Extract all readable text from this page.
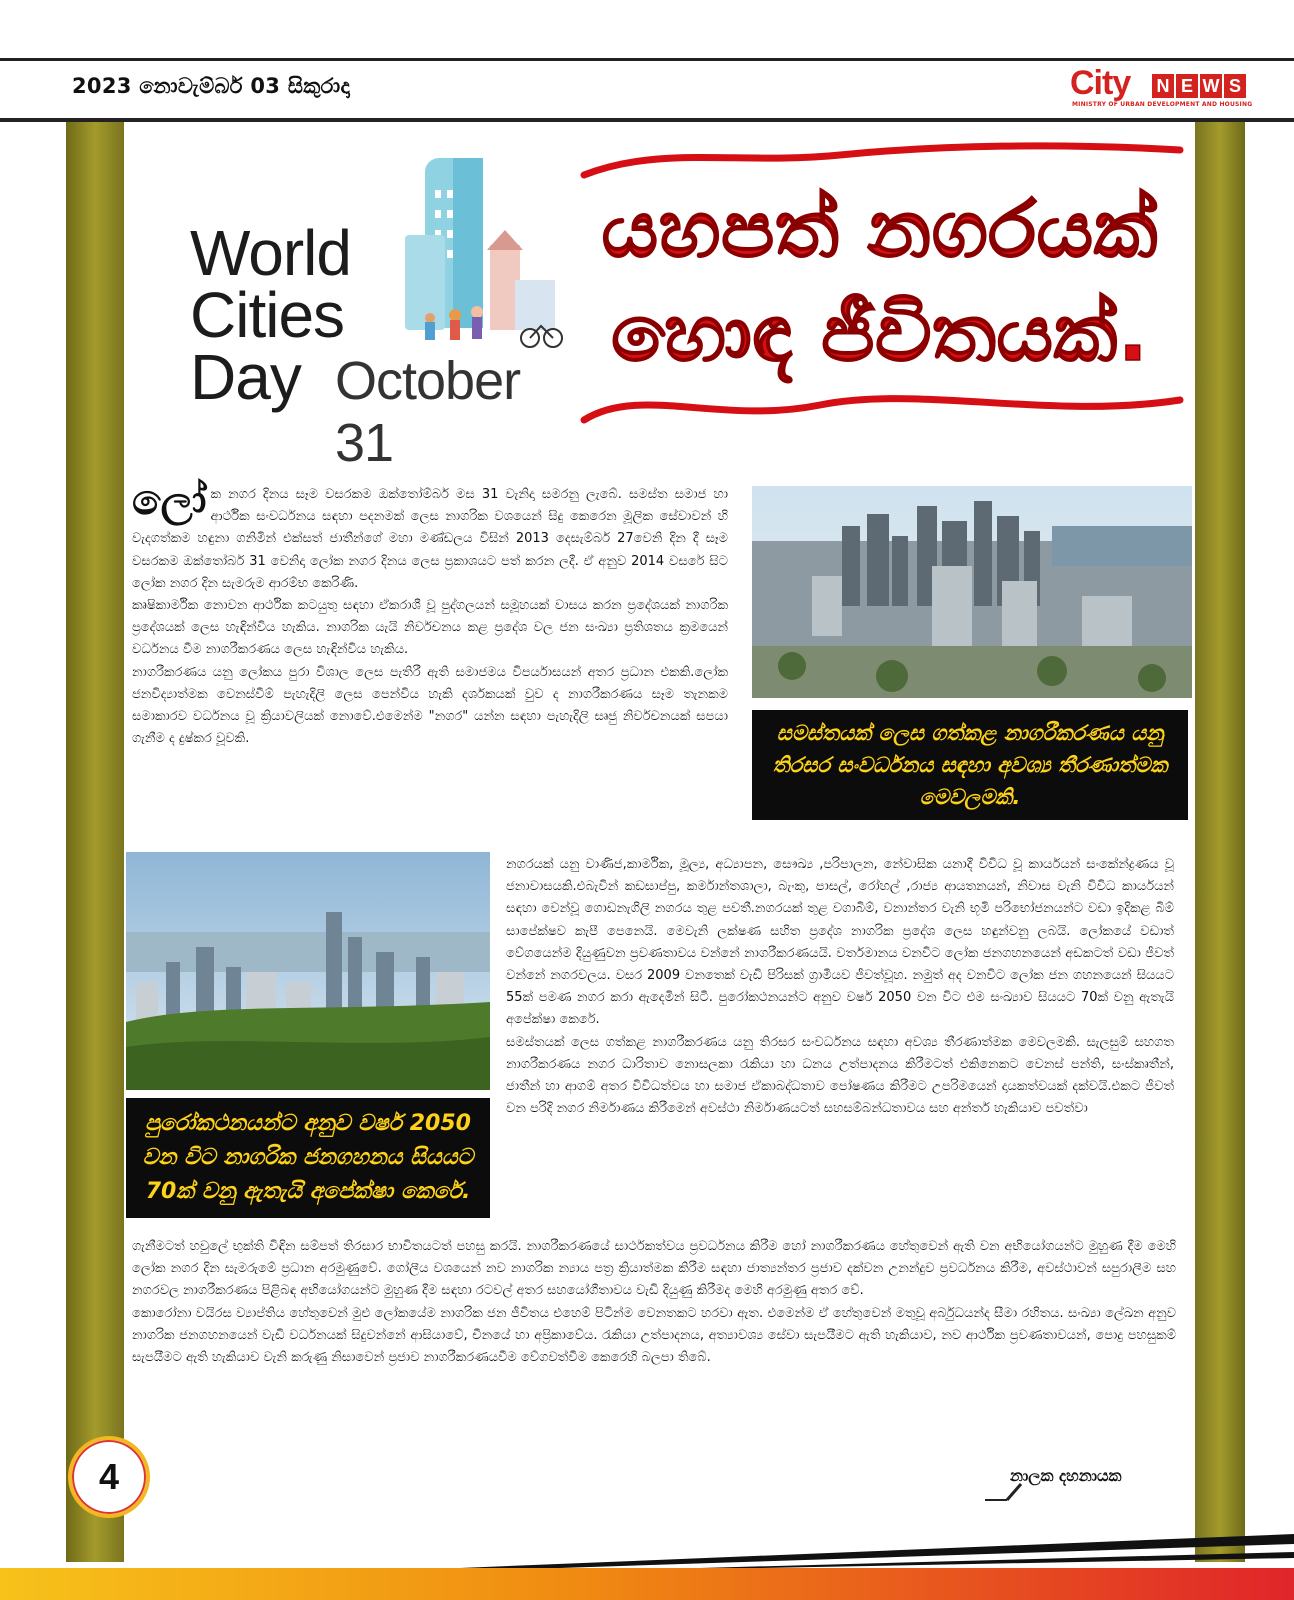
2023 නොවැම්බර් 03 සිකුරාදා	City N E W S
MINISTRY OF URBAN DEVELOPMENT AND HOUSING
World
Cities
Day October 31
යහපත් නගරයක්
හොඳ ජීවිතයක්.

ලෝක නගර දිනය සෑම වසරකම ඔක්තෝම්බර් මස 31 වැනිදා සමරනු ලැබේ. සමස්ත සමාජ හා ආර්ථික සංවර්ධනය සඳහා පදනමක් ලෙස නාගරික වශයෙන් සිදු කෙරෙන මූලික සේවාවන් හි වැදගත්කම හඳුනා ගනිමින් එක්සත් ජාතීන්ගේ මහා මණ්ඩලය විසින් 2013 දෙසැම්බර් 27වෙනි දින දී සෑම වසරකම ඔක්තෝබර් 31 වෙනිදා ලෝක නගර දිනය ලෙස ප්‍රකාශයට පත් කරන ලදී. ඒ අනුව 2014 වසරේ සිට ලෝක නගර දින සැමරුම ආරම්භ කෙරිණි.

කෘෂිකාර්මික නොවන ආර්ථික කටයුතු සඳහා ඒකරාශී වූ පුද්ගලයන් සමූහයක් වාසය කරන ප්‍රදේශයක් නාගරික ප්‍රදේශයක් ලෙස හැඳින්විය හැකිය. නාගරික යැයි නිර්වචනය කළ ප්‍රදේශ වල ජන සංඛ්‍යා ප්‍රතිශතය ක්‍රමයෙන් වර්ධනය වීම නාගරීකරණය ලෙස හැඳින්විය හැකිය.

නාගරීකරණය යනු ලෝකය පුරා විශාල ලෙස පැතිරී ඇති සමාජමය විපර්යාසයන් අතර ප්‍රධාන එකකි.ලෝක ජනවිද්‍යාත්මක වෙනස්වීම් පැහැදිලි ලෙස පෙන්විය හැකි දර්ශකයක් වුව ද නාගරීකරණය සෑම තැනකම සමාකාරව වර්ධනය වූ ක්‍රියාවලියක් නොවේ.එමෙන්ම "නගර" යන්න සඳහා පැහැදිලි සෘජු නිර්වචනයක් සපයා ගැනීම ද දුෂ්කර වූවකි.	සමස්තයක් ලෙස ගත්කළ නාගරීකරණය යනු තිරසර සංවර්ධනය සඳහා අවශ්‍ය තීරණාත්මක මෙවලමකි.
පුරෝකථනයන්ට අනුව වර්ෂ 2050 වන විට නාගරික ජනගහනය සියයට 70ක් වනු ඇතැයි අපේක්ෂා කෙරේ.

නගරයක් යනු වාණිජ,කාර්මික, මූල්‍ය, අධ්‍යාපන, සෞඛ්‍ය ,පරිපාලන, නේවාසික යනාදී විවිධ වූ කාර්යයන් සංකේන්ද්‍රණය වූ ජනාවාසයකි.එබැවින් කඩසාප්පු, කර්මාන්තශාලා, බැංකු, පාසල්, රෝහල් ,රාජ්‍ය ආයතනයන්, නිවාස වැනි විවිධ කාර්යයන් සඳහා වෙන්වූ ගොඩනැගිලි නගරය තුළ පවතී.නගරයක් තුළ වගාබිම්, වනාන්තර වැනි භූමි පරිභෝජනයන්ට වඩා ඉදිකළ බිම් සාපේක්ෂව කැපී පෙනෙයි. මෙවැනි ලක්ෂණ සහිත ප්‍රදේශ නාගරික ප්‍රදේශ ලෙස හඳුන්වනු ලබයි. ලෝකයේ වඩාත් වේගයෙන්ම දියුණුවන ප්‍රවණතාවය වන්නේ නාගරීකරණයයි. වර්තමානය වනවිට ලෝක ජනගහනයෙන් අඩකටත් වඩා ජීවත් වන්නේ නගරවලය. වසර 2009 වනතෙක් වැඩි පිරිසක් ග්‍රාමීයව ජීවත්වූහ. නමුත් අද වනවිට ලෝක ජන ගහනයෙන් සියයට 55ක් පමණ නගර කරා ඇදෙමින් සිටී. පුරෝකථනයන්ට අනුව වර්ෂ 2050 වන විට එම සංඛ්‍යාව සියයට 70ක් වනු ඇතැයි අපේක්ෂා කෙරේ.

සමස්තයක් ලෙස ගත්කළ නාගරීකරණය යනු තිරසර සංවර්ධනය සඳහා අවශ්‍ය තීරණාත්මක මෙවලමකි. සැලසුම් සහගත නාගරීකරණය නගර ධාරිතාව නොසලකා රැකියා හා ධනය උත්පාදනය කිරීමටත් එකිනෙකට වෙනස් පන්ති, සංස්කෘතීන්, ජාතීන් හා ආගම් අතර විවිධත්වය හා සමාජ ඒකාබද්ධතාව පෝෂණය කිරීමට උපරිමයෙන් දායකත්වයක් දක්වයි.එකට ජීවත් වන පරිදි නගර නිර්මාණය කිරීමෙන් අවස්ථා නිර්මාණයටත් සහසම්බන්ධතාවය සහ අන්තර් හැකියාව පවත්වා

ගැනීමටත් හවුලේ භුක්ති විඳින සම්පත් තිරසාර භාවිතයටත් පහසු කරයි. නාගරීකරණයේ සාර්ථකත්වය ප්‍රවර්ධනය කිරීම හෝ නාගරීකරණය හේතුවෙන් ඇති වන අභියෝගයන්ට මුහුණ දීම මෙහි ලෝක නගර දින සැමරුමේ ප්‍රධාන අරමුණුවේ. ගෝලීය වශයෙන් නව නාගරික න්‍යාය පත්‍ර ක්‍රියාත්මක කිරීම සඳහා ජාත්‍යන්තර ප්‍රජාව දක්වන උනන්දුව ප්‍රවර්ධනය කිරීම, අවස්ථාවන් සපුරාලීම සහ නගරවල නාගරීකරණය පිළිබඳ අභියෝගයන්ට මුහුණ දීම සඳහා රටවල් අතර සහයෝගීතාවය වැඩි දියුණු කිරීමද මෙහි අරමුණු අතර වේ.

කොරෝනා වයිරස ව්‍යාප්තිය හේතුවෙන් මුළු ලෝකයේම නාගරික ජන ජීවිතය එහෙම් පිටින්ම වෙනතකට හරවා ඇත. එමෙන්ම ඒ හේතුවෙන් මතුවූ අර්බුධයන්ද සීමා රහිතය. සංඛ්‍යා ලේඛන අනුව නාගරික ජනගහනයෙන් වැඩි වර්ධනයක් සිදුවන්නේ ආසියාවේ, චීනයේ හා අප්‍රිකාවේය. රැකියා උත්පාදනය, අත්‍යාවශ්‍ය සේවා සැපයීමට ඇති හැකියාව, නව ආර්ථික ප්‍රවණතාවයන්, පොදු පහසුකම් සැපයීමට ඇති හැකියාව වැනි කරුණු නිසාවෙන් ප්‍රජාව නාගරීකරණයවීම වේගවත්වීම කෙරෙහි බලපා තිබේ.

4	නාලක දහනායක
